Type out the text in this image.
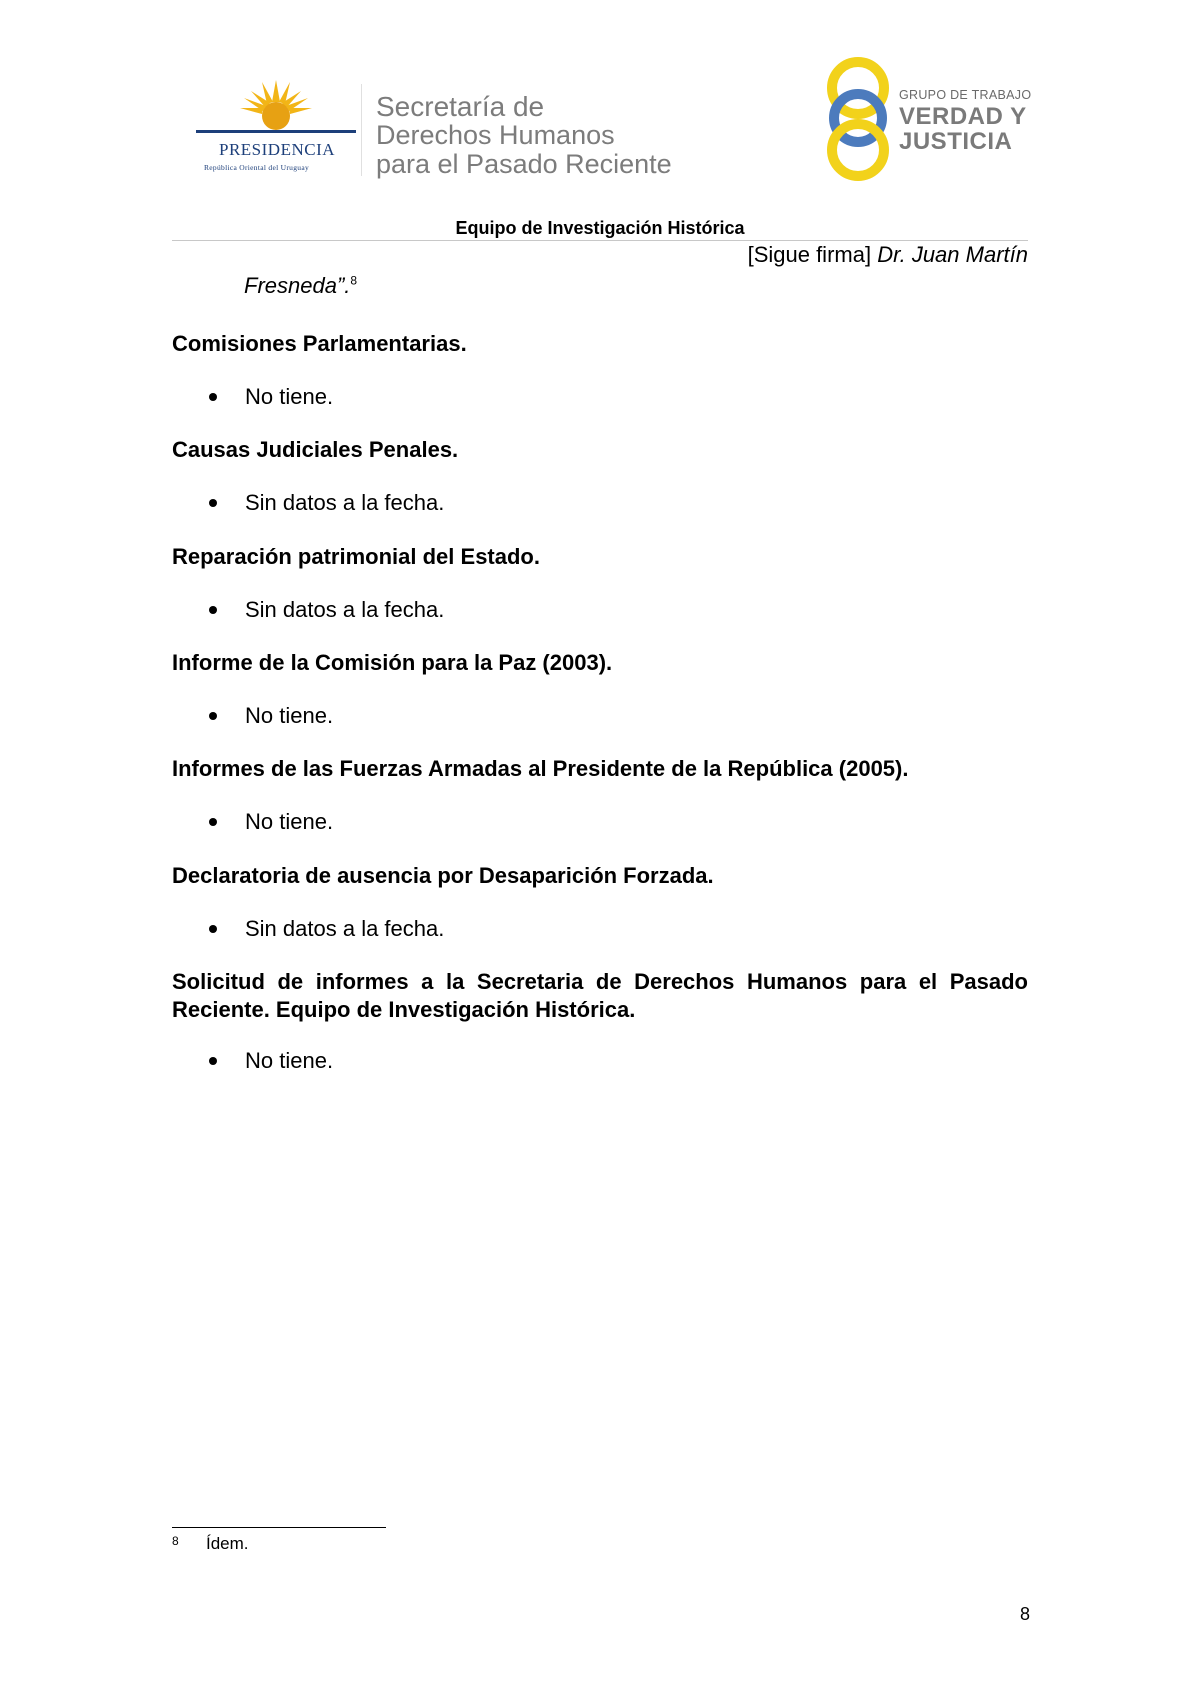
PRESIDENCIA
República Oriental del Uruguay
Secretaría de
Derechos Humanos
para el Pasado Reciente
GRUPO DE TRABAJO
VERDAD Y
JUSTICIA
Equipo de Investigación Histórica
[Sigue firma] Dr. Juan Martín
Fresneda”.$^8$
Comisiones Parlamentarias.
No tiene.
Causas Judiciales Penales.
Sin datos a la fecha.
Reparación patrimonial del Estado.
Sin datos a la fecha.
Informe de la Comisión para la Paz (2003).
No tiene.
Informes de las Fuerzas Armadas al Presidente de la República (2005).
No tiene.
Declaratoria de ausencia por Desaparición Forzada.
Sin datos a la fecha.
Solicitud de informes a la Secretaria de Derechos Humanos para el Pasado Reciente. Equipo de Investigación Histórica.
No tiene.
8 Ídem.
8
